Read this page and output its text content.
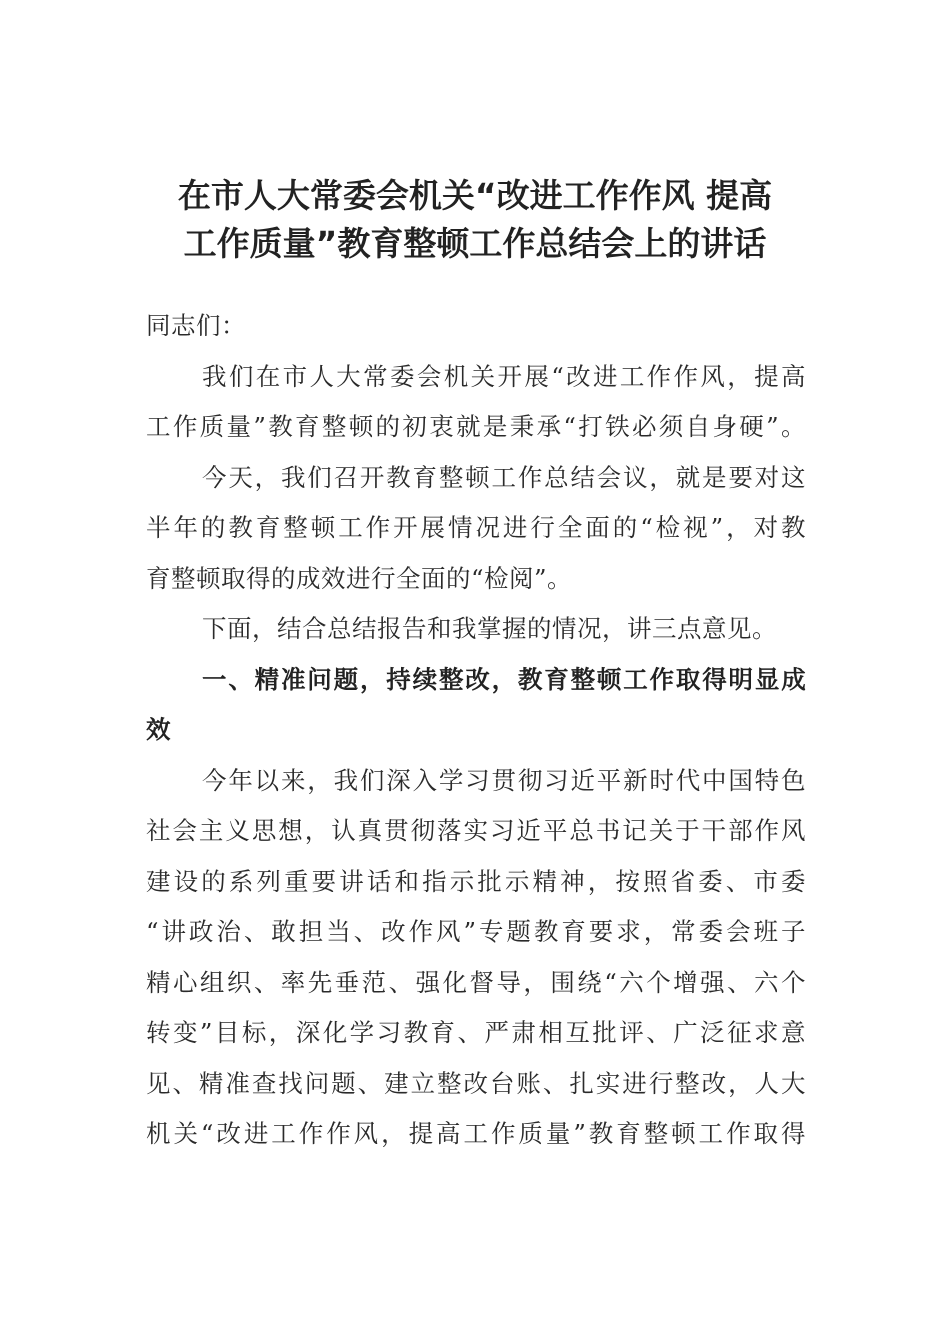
在市人大常委会机关“改进工作作风 提高
工作质量”教育整顿工作总结会上的讲话
同志们：
我们在市人大常委会机关开展“改进工作作风，提高
工作质量”教育整顿的初衷就是秉承“打铁必须自身硬”。
今天，我们召开教育整顿工作总结会议，就是要对这
半年的教育整顿工作开展情况进行全面的“检视”，对教
育整顿取得的成效进行全面的“检阅”。
下面，结合总结报告和我掌握的情况，讲三点意见。
一、精准问题，持续整改，教育整顿工作取得明显成
效
今年以来，我们深入学习贯彻习近平新时代中国特色
社会主义思想，认真贯彻落实习近平总书记关于干部作风
建设的系列重要讲话和指示批示精神，按照省委、市委
“讲政治、敢担当、改作风”专题教育要求，常委会班子
精心组织、率先垂范、强化督导，围绕“六个增强、六个
转变”目标，深化学习教育、严肃相互批评、广泛征求意
见、精准查找问题、建立整改台账、扎实进行整改，人大
机关“改进工作作风，提高工作质量”教育整顿工作取得
